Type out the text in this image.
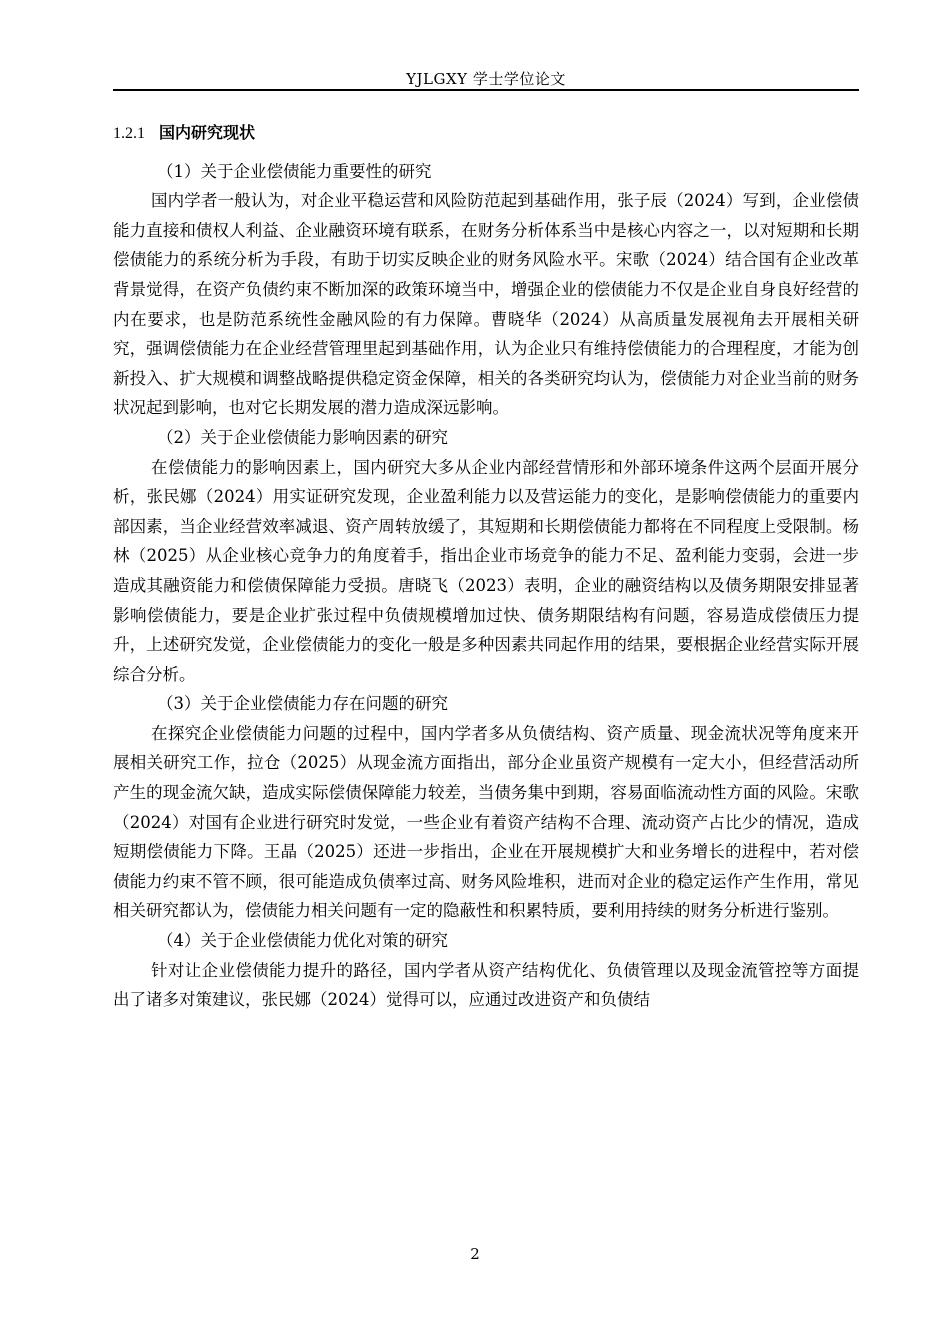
YJLGXY 学士学位论文

1.2.1 国内研究现状

（1）关于企业偿债能力重要性的研究

国内学者一般认为，对企业平稳运营和风险防范起到基础作用，张子辰（2024）写到，企业偿债能力直接和债权人利益、企业融资环境有联系，在财务分析体系当中是核心内容之一，以对短期和长期偿债能力的系统分析为手段，有助于切实反映企业的财务风险水平。宋歌（2024）结合国有企业改革背景觉得，在资产负债约束不断加深的政策环境当中，增强企业的偿债能力不仅是企业自身良好经营的内在要求，也是防范系统性金融风险的有力保障。曹晓华（2024）从高质量发展视角去开展相关研究，强调偿债能力在企业经营管理里起到基础作用，认为企业只有维持偿债能力的合理程度，才能为创新投入、扩大规模和调整战略提供稳定资金保障，相关的各类研究均认为，偿债能力对企业当前的财务状况起到影响，也对它长期发展的潜力造成深远影响。

（2）关于企业偿债能力影响因素的研究

在偿债能力的影响因素上，国内研究大多从企业内部经营情形和外部环境条件这两个层面开展分析，张民娜（2024）用实证研究发现，企业盈利能力以及营运能力的变化，是影响偿债能力的重要内部因素，当企业经营效率减退、资产周转放缓了，其短期和长期偿债能力都将在不同程度上受限制。杨林（2025）从企业核心竞争力的角度着手，指出企业市场竞争的能力不足、盈利能力变弱，会进一步造成其融资能力和偿债保障能力受损。唐晓飞（2023）表明，企业的融资结构以及债务期限安排显著影响偿债能力，要是企业扩张过程中负债规模增加过快、债务期限结构有问题，容易造成偿债压力提升，上述研究发觉，企业偿债能力的变化一般是多种因素共同起作用的结果，要根据企业经营实际开展综合分析。

（3）关于企业偿债能力存在问题的研究

在探究企业偿债能力问题的过程中，国内学者多从负债结构、资产质量、现金流状况等角度来开展相关研究工作，拉仓（2025）从现金流方面指出，部分企业虽资产规模有一定大小，但经营活动所产生的现金流欠缺，造成实际偿债保障能力较差，当债务集中到期，容易面临流动性方面的风险。宋歌（2024）对国有企业进行研究时发觉，一些企业有着资产结构不合理、流动资产占比少的情况，造成短期偿债能力下降。王晶（2025）还进一步指出，企业在开展规模扩大和业务增长的进程中，若对偿债能力约束不管不顾，很可能造成负债率过高、财务风险堆积，进而对企业的稳定运作产生作用，常见相关研究都认为，偿债能力相关问题有一定的隐蔽性和积累特质，要利用持续的财务分析进行鉴别。

（4）关于企业偿债能力优化对策的研究

针对让企业偿债能力提升的路径，国内学者从资产结构优化、负债管理以及现金流管控等方面提出了诸多对策建议，张民娜（2024）觉得可以，应通过改进资产和负债结

2
